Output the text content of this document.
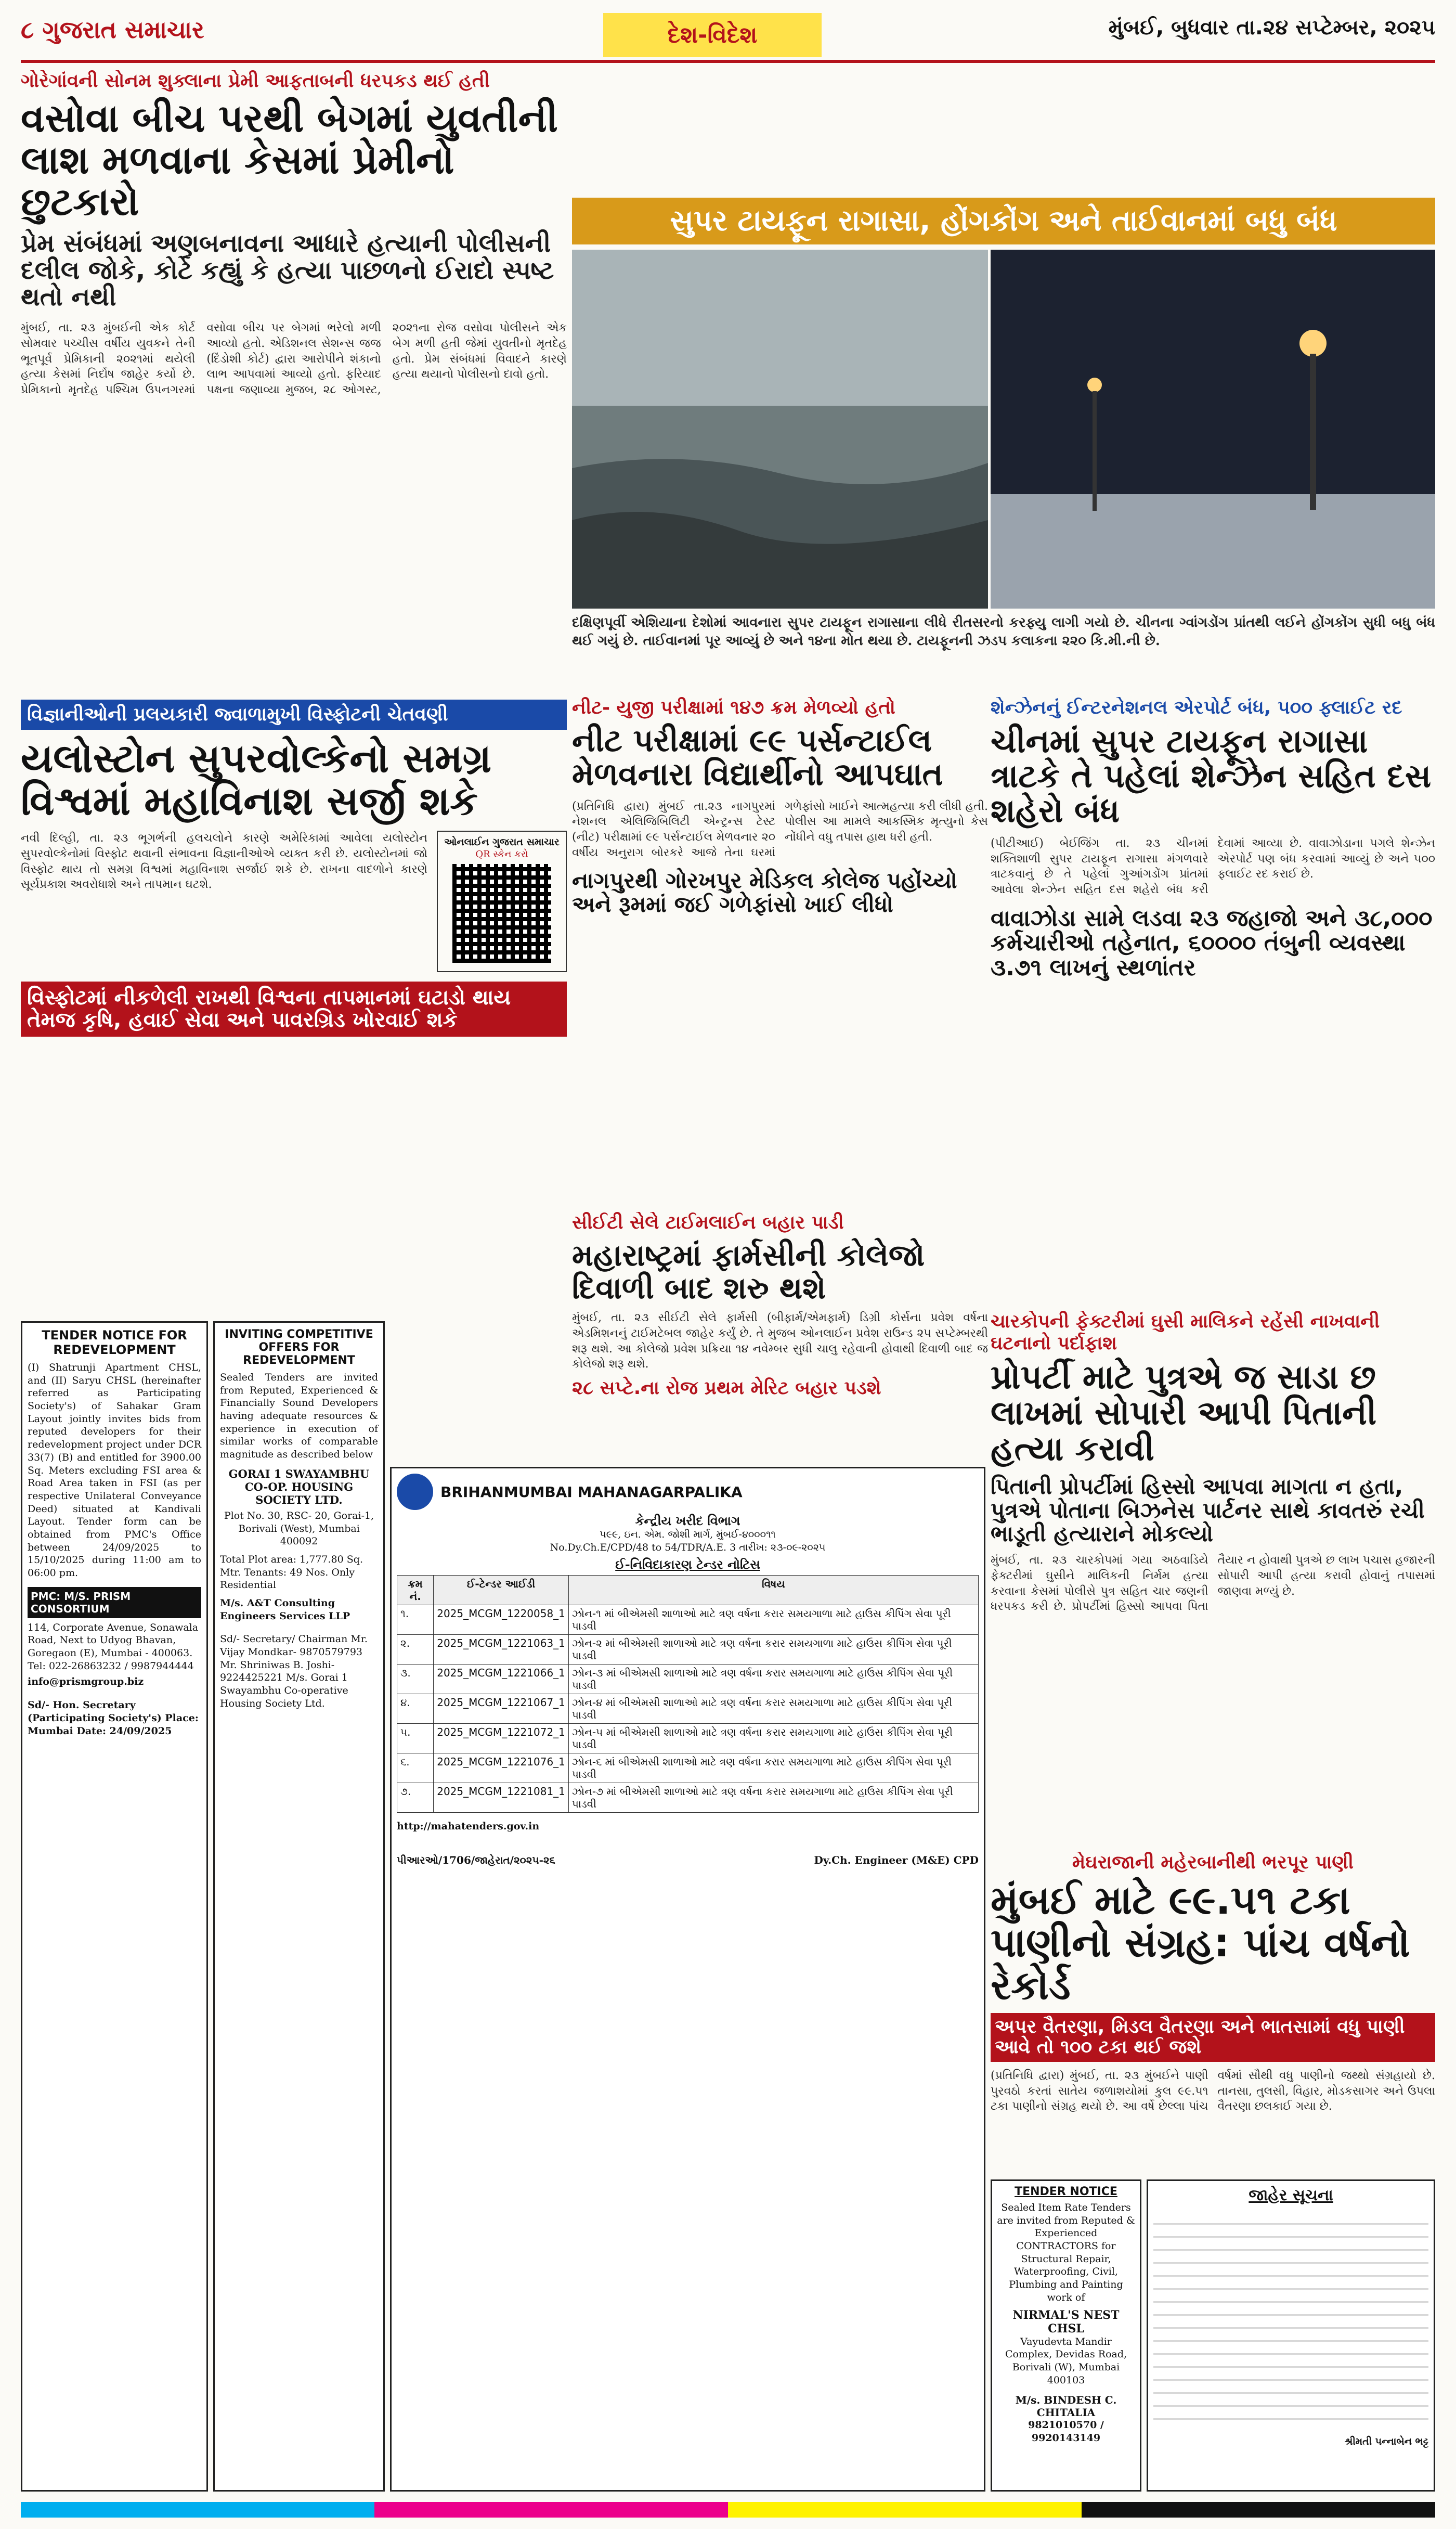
૮ ગુજરાત સમાચાર	દેશ-વિદેશ	મુંબઈ, બુધવાર તા.૨૪ સપ્ટેમ્બર, ૨૦૨૫
ગોરેગાંવની સોનમ શુક્લાના પ્રેમી આફતાબની ધરપકડ થઈ હતી
વસોવા બીચ પરથી બેગમાં યુવતીની લાશ મળવાના કેસમાં પ્રેમીનો છુટકારો
પ્રેમ સંબંધમાં અણબનાવના આધારે હત્યાની પોલીસની દલીલ જોકે, કોર્ટે કહ્યું કે હત્યા પાછળનો ઈરાદો સ્પષ્ટ થતો નથી
મુંબઈ, તા. ૨૩ મુંબઈની એક કોર્ટ સોમવાર પચ્ચીસ વર્ષીય યુવકને તેની ભૂતપૂર્વ પ્રેમિકાની ૨૦૨૧માં થયેલી હત્યા કેસમાં નિર્દોષ જાહેર કર્યો છે. પ્રેમિકાનો મૃતદેહ પશ્ચિમ ઉપનગરમાં વસોવા બીચ પર બેગમાં ભરેલો મળી આવ્યો હતો. એડિશનલ સેશન્સ જજ (દિંડોશી કોર્ટ) દ્વારા આરોપીને શંકાનો લાભ આપવામાં આવ્યો હતો. ફરિયાદ પક્ષના જણાવ્યા મુજબ, ૨૮ ઓગસ્ટ, ૨૦૨૧ના રોજ વસોવા પોલીસને એક બેગ મળી હતી જેમાં યુવતીનો મૃતદેહ હતો. પ્રેમ સંબંધમાં વિવાદને કારણે હત્યા થયાનો પોલીસનો દાવો હતો.
સુપર ટાયફૂન રાગાસા, હોંગકોંગ અને તાઈવાનમાં બધુ બંધ
દક્ષિણપૂર્વી એશિયાના દેશોમાં આવનારા સુપર ટાયફૂન રાગાસાના લીધે રીતસરનો કરફ્યુ લાગી ગયો છે. ચીનના ગ્વાંગડોંગ પ્રાંતથી લઈને હોંગકોંગ સુધી બધુ બંધ થઈ ગયું છે. તાઈવાનમાં પૂર આવ્યું છે અને ૧૪ના મોત થયા છે. ટાયફૂનની ઝડપ કલાકના ૨૨૦ કિ.મી.ની છે.
વિજ્ઞાનીઓની પ્રલયકારી જ્વાળામુખી વિસ્ફોટની ચેતવણી
યલોસ્ટોન સુપરવોલ્કેનો સમગ્ર વિશ્વમાં મહાવિનાશ સર્જી શકે
નવી દિલ્હી, તા. ૨૩ ભૂગર્ભની હલચલોને કારણે અમેરિકામાં આવેલા યલોસ્ટોન સુપરવોલ્કેનોમાં વિસ્ફોટ થવાની સંભાવના વિજ્ઞાનીઓએ વ્યક્ત કરી છે. યલોસ્ટોનમાં જો વિસ્ફોટ થાય તો સમગ્ર વિશ્વમાં મહાવિનાશ સર્જાઈ શકે છે. રાખના વાદળોને કારણે સૂર્યપ્રકાશ અવરોધાશે અને તાપમાન ઘટશે.
ઓનલાઈન ગુજરાત સમાચાર
QR સ્કેન કરો
વિસ્ફોટમાં નીકળેલી રાખથી વિશ્વના તાપમાનમાં ઘટાડો થાય તેમજ કૃષિ, હવાઈ સેવા અને પાવરગ્રિડ ખોરવાઈ શકે
નીટ- યુજી પરીક્ષામાં ૧૪૭ ક્રમ મેળવ્યો હતો
નીટ પરીક્ષામાં ૯૯ પર્સન્ટાઈલ મેળવનારા વિદ્યાર્થીનો આપઘાત
(પ્રતિનિધિ દ્વારા) મુંબઈ તા.૨૩ નાગપુરમાં નેશનલ એલિજિબિલિટી એન્ટ્રન્સ ટેસ્ટ (નીટ) પરીક્ષામાં ૯૯ પર્સન્ટાઈલ મેળવનાર ૨૦ વર્ષીય અનુરાગ બોરકરે આજે તેના ઘરમાં ગળેફાંસો ખાઈને આત્મહત્યા કરી લીધી હતી. પોલીસ આ મામલે આકસ્મિક મૃત્યુનો કેસ નોંધીને વધુ તપાસ હાથ ધરી હતી.
નાગપુરથી ગોરખપુર મેડિકલ કોલેજ પહોંચ્યો અને રૂમમાં જઈ ગળેફાંસો ખાઈ લીધો
શેન્ઝેનનું ઈન્ટરનેશનલ એરપોર્ટ બંધ, ૫૦૦ ફ્લાઈટ રદ
ચીનમાં સુપર ટાયફૂન રાગાસા ત્રાટકે તે પહેલાં શેન્ઝેન સહિત દસ શહેરો બંધ
(પીટીઆઈ) બેઈજિંગ તા. ૨૩ ચીનમાં શક્તિશાળી સુપર ટાયફૂન રાગાસા મંગળવારે ત્રાટકવાનું છે તે પહેલાં ગુઆંગડોંગ પ્રાંતમાં આવેલા શેન્ઝેન સહિત દસ શહેરો બંધ કરી દેવામાં આવ્યા છે. વાવાઝોડાના પગલે શેન્ઝેન એરપોર્ટ પણ બંધ કરવામાં આવ્યું છે અને ૫૦૦ ફ્લાઈટ રદ કરાઈ છે.
વાવાઝોડા સામે લડવા ૨૩ જહાજો અને ૩૮,૦૦૦ કર્મચારીઓ તહેનાત, ૬૦૦૦૦ તંબુની વ્યવસ્થા ૩.૭૧ લાખનું સ્થળાંતર
સીઈટી સેલે ટાઈમલાઈન બહાર પાડી
મહારાષ્ટ્રમાં ફાર્મસીની કોલેજો દિવાળી બાદ શરુ થશે
મુંબઈ, તા. ૨૩ સીઈટી સેલે ફાર્મસી (બીફાર્મ/એમફાર્મ) ડિગ્રી કોર્સના પ્રવેશ વર્ષના એડમિશનનું ટાઈમટેબલ જાહેર કર્યું છે. તે મુજબ ઓનલાઈન પ્રવેશ રાઉન્ડ ૨૫ સપ્ટેમ્બરથી શરૂ થશે. આ કોલેજો પ્રવેશ પ્રક્રિયા ૧૪ નવેમ્બર સુધી ચાલુ રહેવાની હોવાથી દિવાળી બાદ જ કોલેજો શરૂ થશે.
૨૮ સપ્ટે.ના રોજ પ્રથમ મેરિટ બહાર પડશે
ચારકોપની ફેક્ટરીમાં ઘુસી માલિકને રહેંસી નાખવાની ઘટનાનો પર્દાફાશ
પ્રોપર્ટી માટે પુત્રએ જ સાડા છ લાખમાં સોપારી આપી પિતાની હત્યા કરાવી
પિતાની પ્રોપર્ટીમાં હિસ્સો આપવા માગતા ન હતા, પુત્રએ પોતાના બિઝનેસ પાર્ટનર સાથે કાવતરું રચી ભાડૂતી હત્યારાને મોકલ્યો
મુંબઈ, તા. ૨૩ ચારકોપમાં ગયા અઠવાડિયે ફેક્ટરીમાં ઘુસીને માલિકની નિર્મમ હત્યા કરવાના કેસમાં પોલીસે પુત્ર સહિત ચાર જણની ધરપકડ કરી છે. પ્રોપર્ટીમાં હિસ્સો આપવા પિતા તૈયાર ન હોવાથી પુત્રએ છ લાખ પચાસ હજારની સોપારી આપી હત્યા કરાવી હોવાનું તપાસમાં જાણવા મળ્યું છે.
TENDER NOTICE FOR REDEVELOPMENT
(I) Shatrunji Apartment CHSL, and (II) Saryu CHSL (hereinafter referred as Participating Society's) of Sahakar Gram Layout jointly invites bids from reputed developers for their redevelopment project under DCR 33(7) (B) and entitled for 3900.00 Sq. Meters excluding FSI area & Road Area taken in FSI (as per respective Unilateral Conveyance Deed) situated at Kandivali Layout. Tender form can be obtained from PMC's Office between 24/09/2025 to 15/10/2025 during 11:00 am to 06:00 pm.
PMC: M/S. PRISM CONSORTIUM
114, Corporate Avenue, Sonawala Road, Next to Udyog Bhavan, Goregaon (E), Mumbai - 400063. Tel: 022-26863232 / 9987944444
info@prismgroup.biz
Sd/- Hon. Secretary (Participating Society's) Place: Mumbai Date: 24/09/2025
INVITING COMPETITIVE OFFERS FOR REDEVELOPMENT
Sealed Tenders are invited from Reputed, Experienced & Financially Sound Developers having adequate resources & experience in execution of similar works of comparable magnitude as described below
GORAI 1 SWAYAMBHU CO-OP. HOUSING SOCIETY LTD.
Plot No. 30, RSC- 20, Gorai-1, Borivali (West), Mumbai 400092
Total Plot area: 1,777.80 Sq. Mtr. Tenants: 49 Nos. Only Residential
M/s. A&T Consulting Engineers Services LLP
Sd/- Secretary/ Chairman Mr. Vijay Mondkar- 9870579793 Mr. Shriniwas B. Joshi- 9224425221 M/s. Gorai 1 Swayambhu Co-operative Housing Society Ltd.
BRIHANMUMBAI MAHANAGARPALIKA
કેન્દ્રીય ખરીદ વિભાગ
૫૯૯, ઇન. એમ. જોશી માર્ગ, મુંબઈ-૪૦૦૦૧૧
No.Dy.Ch.E/CPD/48 to 54/TDR/A.E. 3 તારીખ: ૨૩-૦૯-૨૦૨૫
ઈ-નિવિદાકારણ ટેન્ડર નોટિસ
ક્રમ નં.	ઈ-ટેન્ડર આઈડી	વિષય
૧.	2025_MCGM_1220058_1	ઝોન-૧ માં બીએમસી શાળાઓ માટે ત્રણ વર્ષના કરાર સમયગાળા માટે હાઉસ કીપિંગ સેવા પૂરી પાડવી
૨.	2025_MCGM_1221063_1	ઝોન-૨ માં બીએમસી શાળાઓ માટે ત્રણ વર્ષના કરાર સમયગાળા માટે હાઉસ કીપિંગ સેવા પૂરી પાડવી
૩.	2025_MCGM_1221066_1	ઝોન-૩ માં બીએમસી શાળાઓ માટે ત્રણ વર્ષના કરાર સમયગાળા માટે હાઉસ કીપિંગ સેવા પૂરી પાડવી
૪.	2025_MCGM_1221067_1	ઝોન-૪ માં બીએમસી શાળાઓ માટે ત્રણ વર્ષના કરાર સમયગાળા માટે હાઉસ કીપિંગ સેવા પૂરી પાડવી
૫.	2025_MCGM_1221072_1	ઝોન-૫ માં બીએમસી શાળાઓ માટે ત્રણ વર્ષના કરાર સમયગાળા માટે હાઉસ કીપિંગ સેવા પૂરી પાડવી
૬.	2025_MCGM_1221076_1	ઝોન-૬ માં બીએમસી શાળાઓ માટે ત્રણ વર્ષના કરાર સમયગાળા માટે હાઉસ કીપિંગ સેવા પૂરી પાડવી
૭.	2025_MCGM_1221081_1	ઝોન-૭ માં બીએમસી શાળાઓ માટે ત્રણ વર્ષના કરાર સમયગાળા માટે હાઉસ કીપિંગ સેવા પૂરી પાડવી
http://mahatenders.gov.in
પીઆરઓ/1706/જાહેરાત/૨૦૨૫-૨૬	Dy.Ch. Engineer (M&E) CPD	મેઘરાજાની મહેરબાનીથી ભરપૂર પાણી
મુંબઈ માટે ૯૯.૫૧ ટકા પાણીનો સંગ્રહ: પાંચ વર્ષનો રેકોર્ડ
અપર વૈતરણા, મિડલ વૈતરણા અને ભાતસામાં વધુ પાણી આવે તો ૧૦૦ ટકા થઈ જશે
(પ્રતિનિધિ દ્વારા) મુંબઈ, તા. ૨૩ મુંબઈને પાણી પુરવઠો કરતાં સાતેય જળાશયોમાં કુલ ૯૯.૫૧ ટકા પાણીનો સંગ્રહ થયો છે. આ વર્ષે છેલ્લા પાંચ વર્ષમાં સૌથી વધુ પાણીનો જથ્થો સંગ્રહાયો છે. તાનસા, તુલસી, વિહાર, મોડકસાગર અને ઉપલા વૈતરણા છલકાઈ ગયા છે.
TENDER NOTICE
Sealed Item Rate Tenders are invited from Reputed & Experienced CONTRACTORS for Structural Repair, Waterproofing, Civil, Plumbing and Painting work of
NIRMAL'S NEST CHSL
Vayudevta Mandir Complex, Devidas Road, Borivali (W), Mumbai 400103
M/s. BINDESH C. CHITALIA
9821010570 / 9920143149
જાહેર સૂચના
શ્રીમતી પન્નાબેન ભટ્ટ
